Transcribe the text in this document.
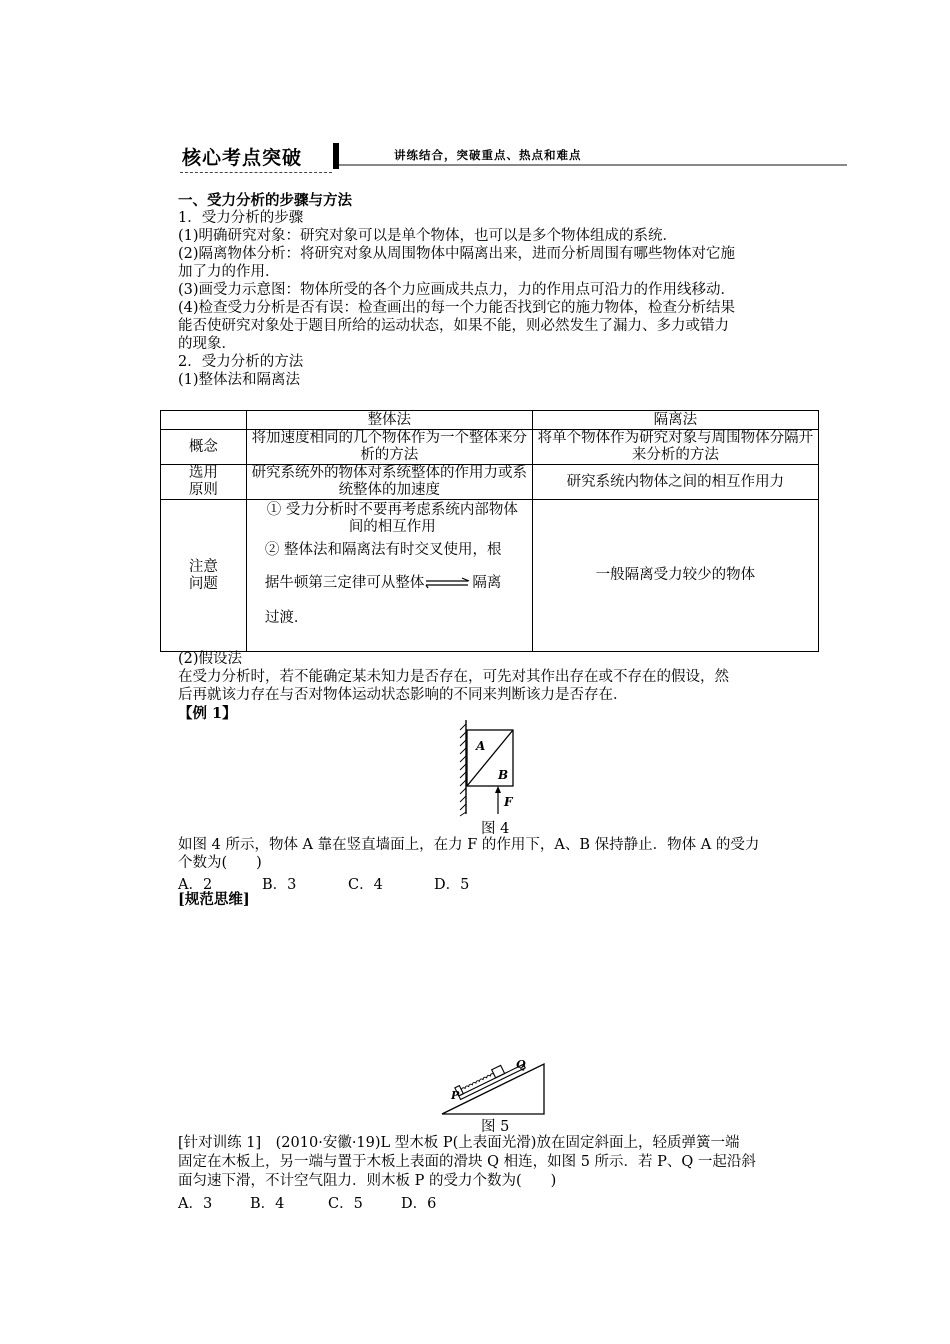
核心考点突破	讲练结合，突破重点、热点和难点
一、受力分析的步骤与方法
1．受力分析的步骤
(1)明确研究对象：研究对象可以是单个物体，也可以是多个物体组成的系统．
(2)隔离物体分析：将研究对象从周围物体中隔离出来，进而分析周围有哪些物体对它施
加了力的作用．
(3)画受力示意图：物体所受的各个力应画成共点力，力的作用点可沿力的作用线移动．
(4)检查受力分析是否有误：检查画出的每一个力能否找到它的施力物体，检查分析结果
能否使研究对象处于题目所给的运动状态，如果不能，则必然发生了漏力、多力或错力
的现象．
2．受力分析的方法
(1)整体法和隔离法
	整体法	隔离法
概念	将加速度相同的几个物体作为一个整体来分析的方法	将单个物体作为研究对象与周围物体分隔开来分析的方法
选用原则	研究系统外的物体对系统整体的作用力或系统整体的加速度	研究系统内物体之间的相互作用力
注意问题	① 受力分析时不要再考虑系统内部物体间的相互作用
② 整体法和隔离法有时交叉使用，根
据牛顿第三定律可从整体 隔离
过渡．	一般隔离受力较少的物体
(2)假设法
在受力分析时，若不能确定某未知力是否存在，可先对其作出存在或不存在的假设，然
后再就该力存在与否对物体运动状态影响的不同来判断该力是否存在．
【例 1】
A
B
F
图 4
如图 4 所示，物体 A 靠在竖直墙面上，在力 F 的作用下，A、B 保持静止．物体 A 的受力
个数为(　　)
A．2	B．3	C．4	D．5
[规范思维]
P
Q
图 5
[针对训练 1]　(2010·安徽·19)L 型木板 P(上表面光滑)放在固定斜面上，轻质弹簧一端
固定在木板上，另一端与置于木板上表面的滑块 Q 相连，如图 5 所示．若 P、Q 一起沿斜
面匀速下滑，不计空气阻力．则木板 P 的受力个数为(　　)
A．3	B．4	C．5	D．6
